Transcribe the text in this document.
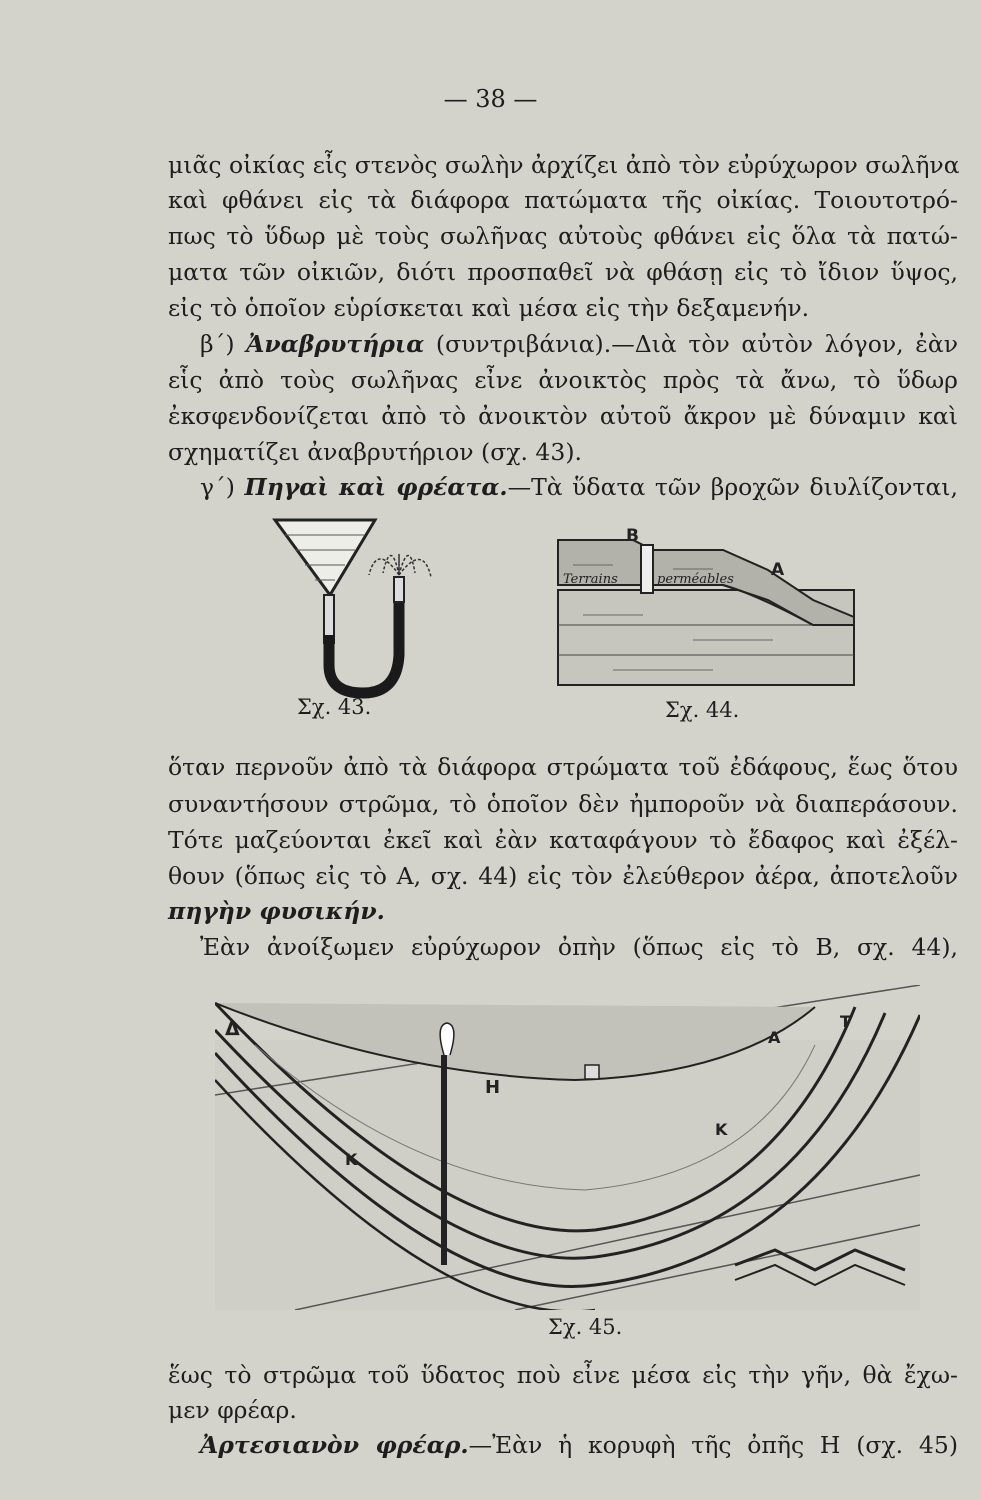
— 38 —
μιᾶς οἰκίας εἶς στενὸς σωλὴν ἀρχίζει ἀπὸ τὸν εὐρύχωρον σωλῆνα
καὶ φθάνει εἰς τὰ διάφορα πατώματα τῆς οἰκίας. Τοιουτοτρό-
πως τὸ ὕδωρ μὲ τοὺς σωλῆνας αὐτοὺς φθάνει εἰς ὅλα τὰ πατώ-
ματα τῶν οἰκιῶν, διότι προσπαθεῖ νὰ φθάσῃ εἰς τὸ ἴδιον ὕψος,
εἰς τὸ ὁποῖον εὑρίσκεται καὶ μέσα εἰς τὴν δεξαμενήν.
β΄) Ἀναβρυτήρια (συντριβάνια).—Διὰ τὸν αὐτὸν λόγον, ἐὰν
εἷς ἀπὸ τοὺς σωλῆνας εἶνε ἀνοικτὸς πρὸς τὰ ἄνω, τὸ ὕδωρ
ἐκσφενδονίζεται ἀπὸ τὸ ἀνοικτὸν αὐτοῦ ἄκρον μὲ δύναμιν καὶ
σχηματίζει ἀναβρυτήριον (σχ. 43).
γ΄) Πηγαὶ καὶ φρέατα.—Τὰ ὕδατα τῶν βροχῶν διυλίζονται,
Σχ. 43.
Terrains	perméables
B
A
Σχ. 44.
ὅταν περνοῦν ἀπὸ τὰ διάφορα στρώματα τοῦ ἐδάφους, ἕως ὅτου
συναντήσουν στρῶμα, τὸ ὁποῖον δὲν ἠμποροῦν νὰ διαπεράσουν.
Τότε μαζεύονται ἐκεῖ καὶ ἐὰν καταφάγουν τὸ ἔδαφος καὶ ἐξέλ-
θουν (ὅπως εἰς τὸ Α, σχ. 44) εἰς τὸν ἐλεύθερον ἀέρα, ἀποτελοῦν
πηγὴν φυσικήν.
Ἐὰν ἀνοίξωμεν εὐρύχωρον ὀπὴν (ὅπως εἰς τὸ Β, σχ. 44),
Δ
H
K
K
A
T
Σχ. 45.
ἕως τὸ στρῶμα τοῦ ὕδατος ποὺ εἶνε μέσα εἰς τὴν γῆν, θὰ ἔχω-
μεν φρέαρ.
Ἀρτεσιανὸν φρέαρ.—Ἐὰν ἡ κορυφὴ τῆς ὀπῆς Η (σχ. 45)
